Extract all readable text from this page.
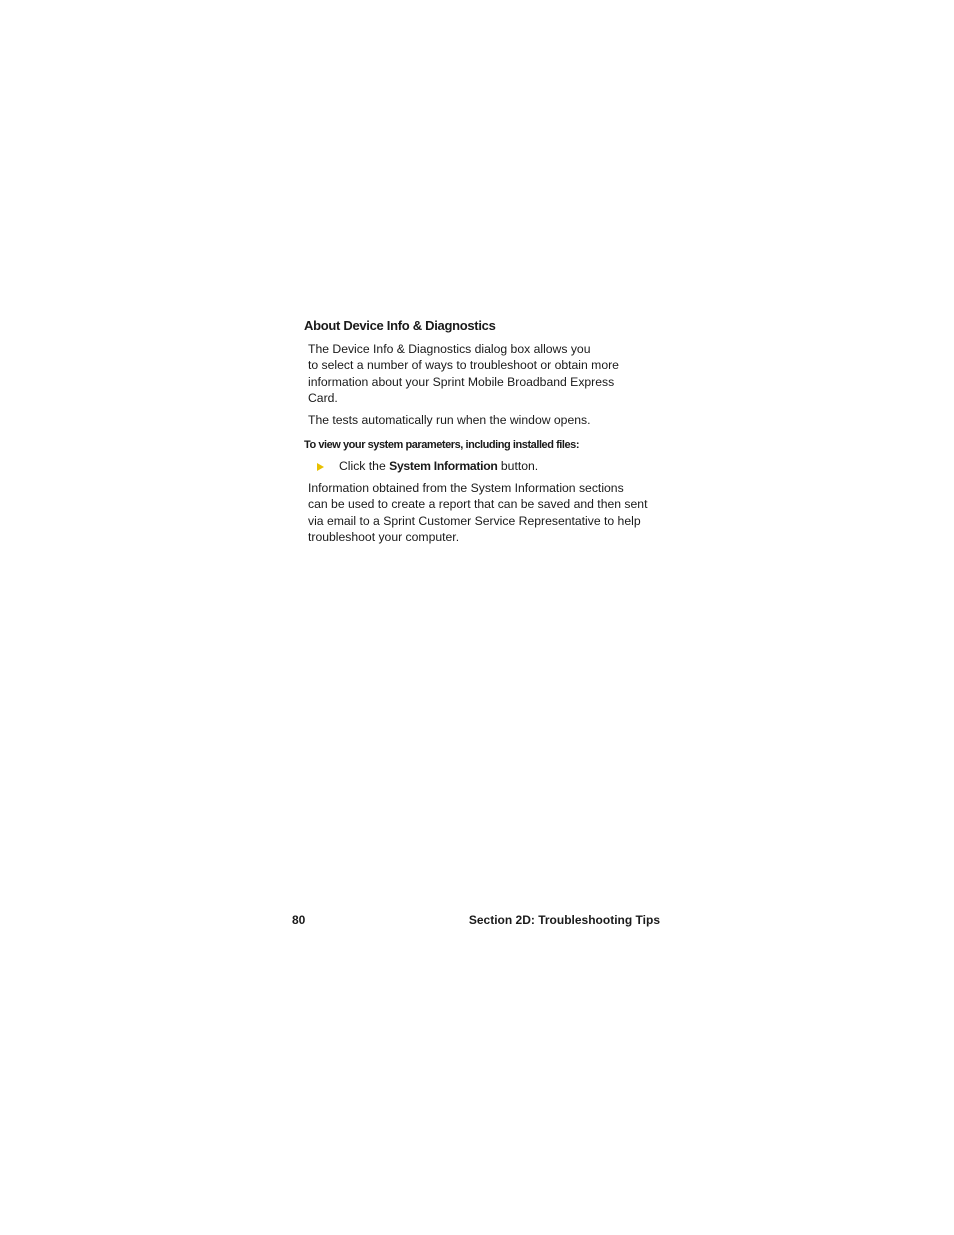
About Device Info & Diagnostics

The Device Info & Diagnostics dialog box allows you
to select a number of ways to troubleshoot or obtain more
information about your Sprint Mobile Broadband Express
Card.

The tests automatically run when the window opens.

To view your system parameters, including installed files:
Click the System Information button.

Information obtained from the System Information sections
can be used to create a report that can be saved and then sent
via email to a Sprint Customer Service Representative to help
troubleshoot your computer.

80	Section 2D: Troubleshooting Tips
